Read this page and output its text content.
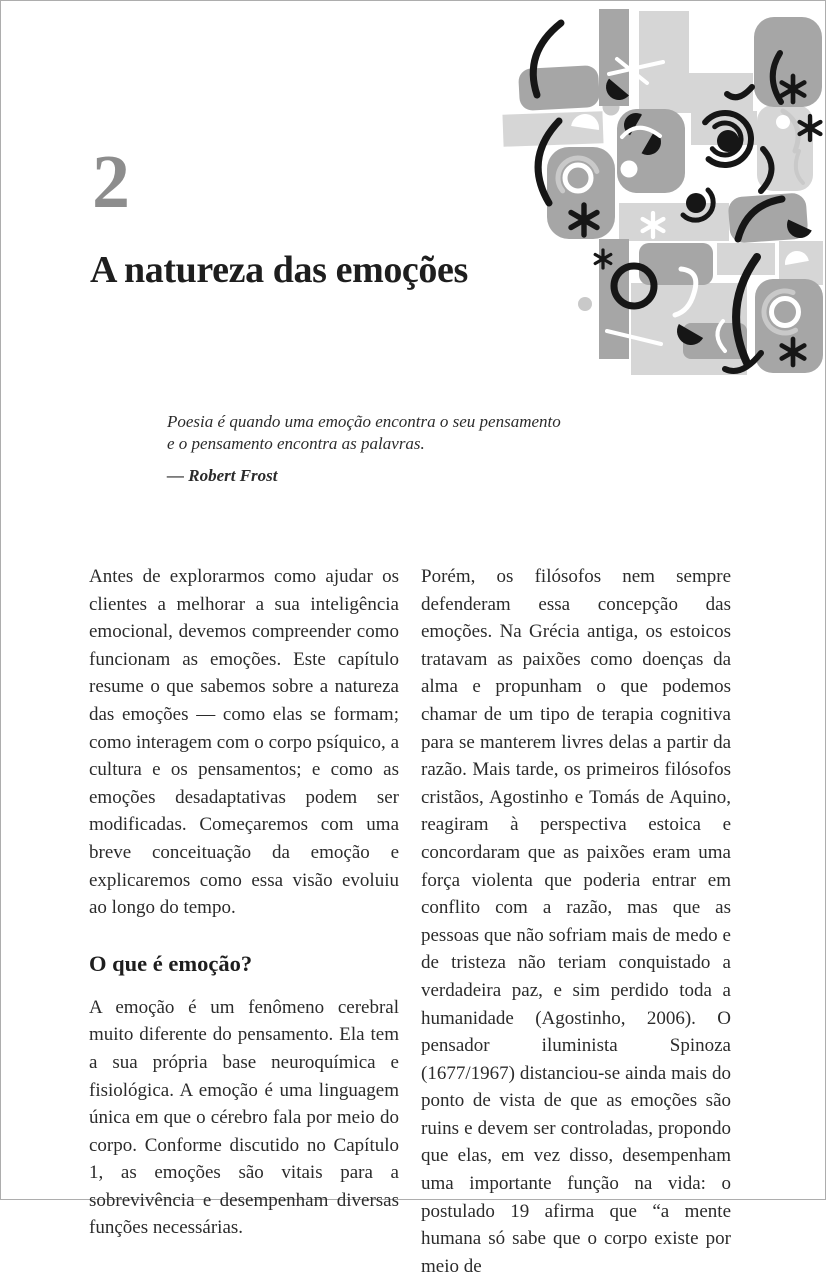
2
A natureza das emoções
Poesia é quando uma emoção encontra o seu pensamento
e o pensamento encontra as palavras.
— Robert Frost

Antes de explorarmos como ajudar os clientes a melhorar a sua inteligência emocional, devemos compreender como funcionam as emoções. Este capítulo resume o que sabemos sobre a natureza das emoções — como elas se formam; como interagem com o corpo psíquico, a cultura e os pensamentos; e como as emoções desadaptativas podem ser modificadas. Começaremos com uma breve conceituação da emoção e explicaremos como essa visão evoluiu ao longo do tempo.

O que é emoção?

A emoção é um fenômeno cerebral muito diferente do pensamento. Ela tem a sua própria base neuroquímica e fisiológica. A emoção é uma linguagem única em que o cérebro fala por meio do corpo. Conforme discutido no Capítulo 1, as emoções são vitais para a sobrevivência e desempenham diversas funções necessárias.

Porém, os filósofos nem sempre defenderam essa concepção das emoções. Na Grécia antiga, os estoicos tratavam as paixões como doenças da alma e propunham o que podemos chamar de um tipo de terapia cognitiva para se manterem livres delas a partir da razão. Mais tarde, os primeiros filósofos cristãos, Agostinho e Tomás de Aquino, reagiram à perspectiva estoica e concordaram que as paixões eram uma força violenta que poderia entrar em conflito com a razão, mas que as pessoas que não sofriam mais de medo e de tristeza não teriam conquistado a verdadeira paz, e sim perdido toda a humanidade (Agostinho, 2006). O pensador iluminista Spinoza (1677/1967) distanciou-se ainda mais do ponto de vista de que as emoções são ruins e devem ser controladas, propondo que elas, em vez disso, desempenham uma importante função na vida: o postulado 19 afirma que “a mente humana só sabe que o corpo existe por meio de
